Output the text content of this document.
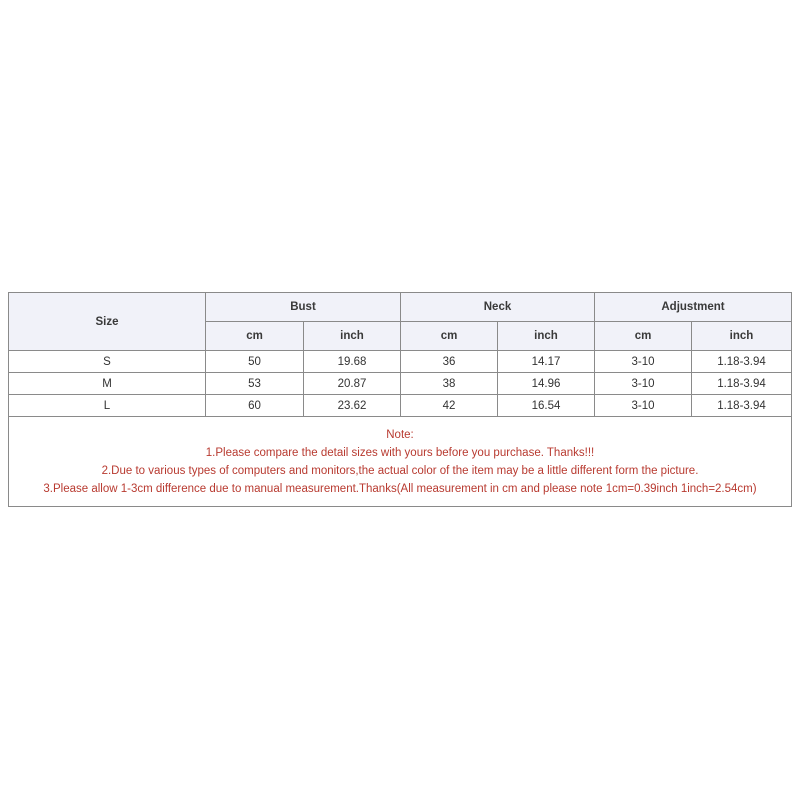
Size	Bust		Neck		Adjustment	
	cm	inch	cm	inch	cm	inch
S	50	19.68	36	14.17	3-10	1.18-3.94
M	53	20.87	38	14.96	3-10	1.18-3.94
L	60	23.62	42	16.54	3-10	1.18-3.94

Note:
1.Please compare the detail sizes with yours before you purchase. Thanks!!!
2.Due to various types of computers and monitors,the actual color of the item may be a little different form the picture.
3.Please allow 1-3cm difference due to manual measurement.Thanks(All measurement in cm and please note 1cm=0.39inch 1inch=2.54cm)						
